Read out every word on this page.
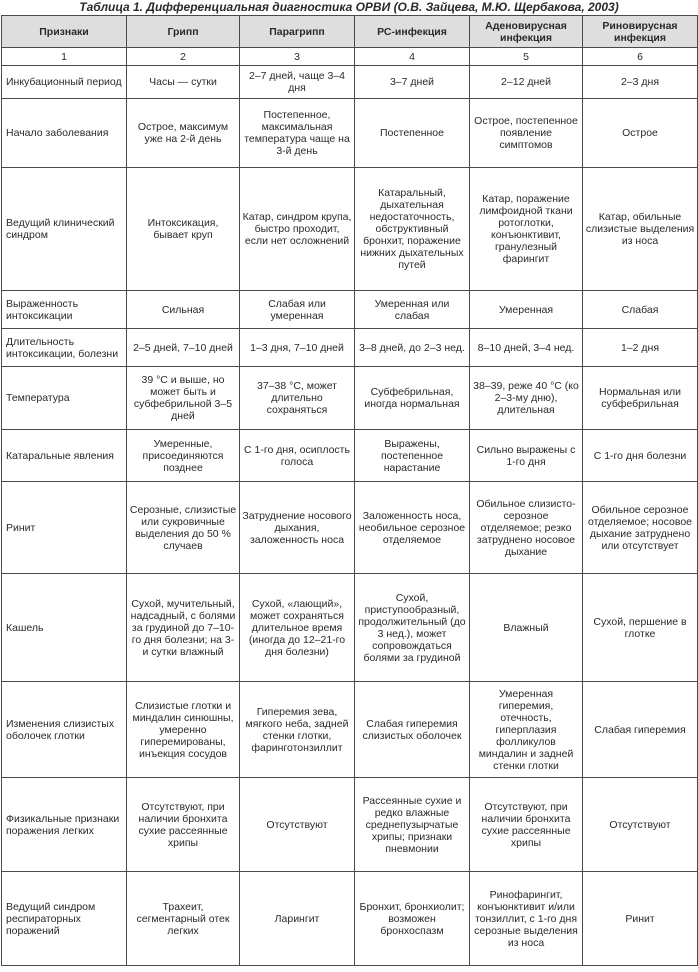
Таблица 1. Дифференциальная диагностика ОРВИ (О.В. Зайцева, М.Ю. Щербакова, 2003)
Признаки	Грипп	Парагрипп	РС-инфекция	Аденовирусная инфекция	Риновирусная инфекция
1	2	3	4	5	6
Инкубационный период	Часы — сутки	2–7 дней, чаще 3–4 дня	3–7 дней	2–12 дней	2–3 дня
Начало заболевания	Острое, максимум уже на 2-й день	Постепенное, максимальная температура чаще на 3-й день	Постепенное	Острое, постепенное появление симптомов	Острое
Ведущий клинический синдром	Интоксикация, бывает круп	Катар, синдром крупа, быстро проходит, если нет осложнений	Катаральный, дыхательная недостаточность, обструктивный бронхит, поражение нижних дыхательных путей	Катар, поражение лимфоидной ткани ротоглотки, конъюнктивит, гранулезный фарингит	Катар, обильные слизистые выделения из носа
Выраженность интоксикации	Сильная	Слабая или умеренная	Умеренная или слабая	Умеренная	Слабая
Длительность интоксикации, болезни	2–5 дней, 7–10 дней	1–3 дня, 7–10 дней	3–8 дней, до 2–3 нед.	8–10 дней, 3–4 нед.	1–2 дня
Температура	39 °С и выше, но может быть и субфебрильной 3–5 дней	37–38 °С, может длительно сохраняться	Субфебрильная, иногда нормальная	38–39, реже 40 °С (ко 2–3-му дню), длительная	Нормальная или субфебрильная
Катаральные явления	Умеренные, присоединяются позднее	С 1-го дня, осиплость голоса	Выражены, постепенное нарастание	Сильно выражены с 1-го дня	С 1-го дня болезни
Ринит	Серозные, слизистые или сукровичные выделения до 50 % случаев	Затруднение носового дыхания, заложенность носа	Заложенность носа, необильное серозное отделяемое	Обильное слизисто-серозное отделяемое; резко затруднено носовое дыхание	Обильное серозное отделяемое; носовое дыхание затруднено или отсутствует
Кашель	Сухой, мучительный, надсадный, с болями за грудиной до 7–10-го дня болезни; на 3-и сутки влажный	Сухой, «лающий», может сохраняться длительное время (иногда до 12–21-го дня болезни)	Сухой, приступообразный, продолжительный (до 3 нед.), может сопровождаться болями за грудиной	Влажный	Сухой, першение в глотке
Изменения слизистых оболочек глотки	Слизистые глотки и миндалин синюшны, умеренно гиперемированы, инъекция сосудов	Гиперемия зева, мягкого неба, задней стенки глотки, фаринготонзиллит	Слабая гиперемия слизистых оболочек	Умеренная гиперемия, отечность, гиперплазия фолликулов миндалин и задней стенки глотки	Слабая гиперемия
Физикальные признаки поражения легких	Отсутствуют, при наличии бронхита сухие рассеянные хрипы	Отсутствуют	Рассеянные сухие и редко влажные среднепузырчатые хрипы; признаки пневмонии	Отсутствуют, при наличии бронхита сухие рассеянные хрипы	Отсутствуют
Ведущий синдром респираторных поражений	Трахеит, сегментарный отек легких	Ларингит	Бронхит, бронхиолит; возможен бронхоспазм	Ринофарингит, конъюнктивит и/или тонзиллит, с 1-го дня серозные выделения из носа	Ринит
